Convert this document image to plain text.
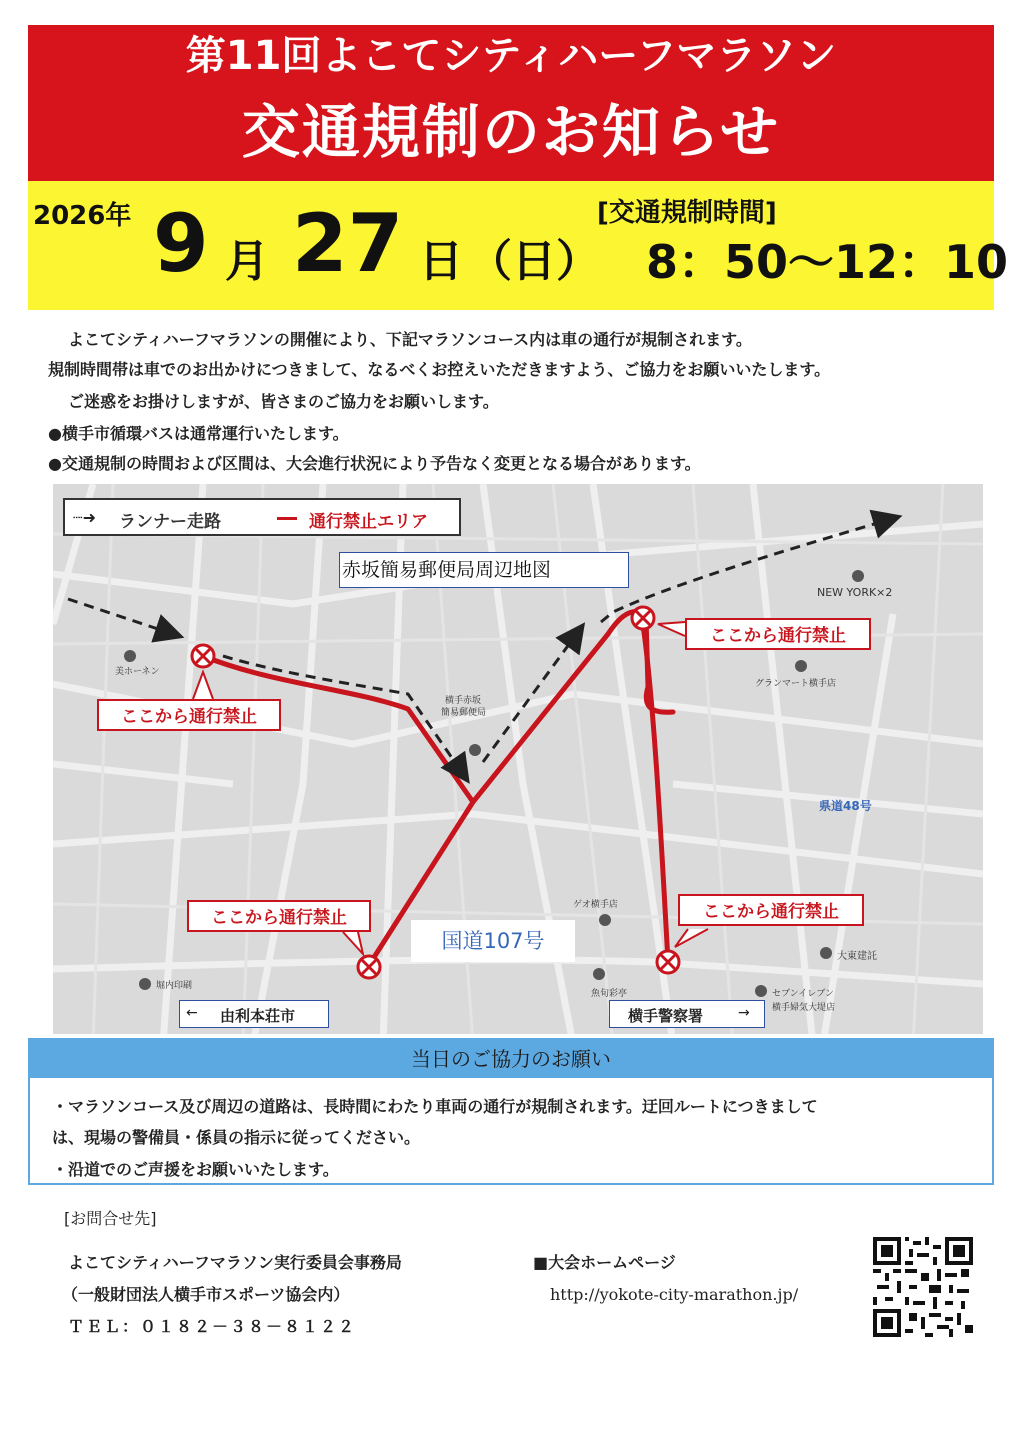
第11回よこてシティハーフマラソン
交通規制のお知らせ
2026年 9 月 27 日 （日）
[交通規制時間]
8：50〜12：10
よこてシティハーフマラソンの開催により、下記マラソンコース内は車の通行が規制されます。
規制時間帯は車でのお出かけにつきまして、なるべくお控えいただきますよう、ご協力をお願いいたします。
ご迷惑をお掛けしますが、皆さまのご協力をお願いします。
●横手市循環バスは通常運行いたします。
●交通規制の時間および区間は、大会進行状況により予告なく変更となる場合があります。
┈➜ ランナー走路	通行禁止エリア
赤坂簡易郵便局周辺地図
ここから通行禁止
ここから通行禁止
ここから通行禁止	ここから通行禁止
国道107号
県道48号
美ホーネン
横手赤坂
簡易郵便局
NEW YORK×2
グランマート横手店
ゲオ横手店
大東建託
堀内印刷
魚旬彩亭	セブンイレブン
横手婦気大堤店
← 由利本荘市	横手警察署 →
当日のご協力のお願い
・マラソンコース及び周辺の道路は、長時間にわたり車両の通行が規制されます。迂回ルートにつきまして
は、現場の警備員・係員の指示に従ってください。
・沿道でのご声援をお願いいたします。
[お問合せ先]
よこてシティハーフマラソン実行委員会事務局
（一般財団法人横手市スポーツ協会内）
ＴＥＬ：０１８２－３８－８１２２
■大会ホームページ
http://yokote-city-marathon.jp/
